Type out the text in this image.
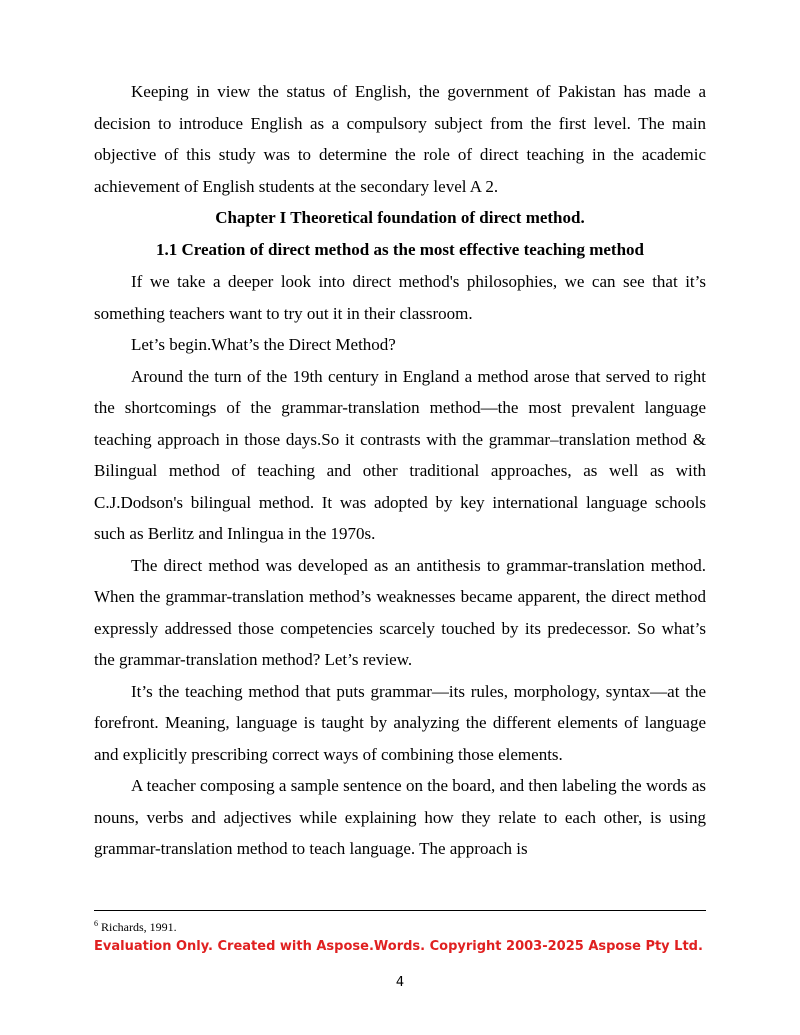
Keeping in view the status of English, the government of Pakistan has made a decision to introduce English as a compulsory subject from the first level. The main objective of this study was to determine the role of direct teaching in the academic achievement of English students at the secondary level A 2.

Chapter I Theoretical foundation of direct method.

1.1 Creation of direct method as the most effective teaching method

If we take a deeper look into direct method's philosophies, we can see that it’s something teachers want to try out it in their classroom.

Let’s begin.What’s the Direct Method?

Around the turn of the 19th century in England a method arose that served to right the shortcomings of the grammar-translation method—the most prevalent language teaching approach in those days.So it contrasts with the grammar–translation method & Bilingual method of teaching and other traditional approaches, as well as with C.J.Dodson's bilingual method. It was adopted by key international language schools such as Berlitz and Inlingua in the 1970s.

The direct method was developed as an antithesis to grammar-translation method. When the grammar-translation method’s weaknesses became apparent, the direct method expressly addressed those competencies scarcely touched by its predecessor. So what’s the grammar-translation method? Let’s review.

It’s the teaching method that puts grammar—its rules, morphology, syntax—at the forefront. Meaning, language is taught by analyzing the different elements of language and explicitly prescribing correct ways of combining those elements.

A teacher composing a sample sentence on the board, and then labeling the words as nouns, verbs and adjectives while explaining how they relate to each other, is using grammar-translation method to teach language. The approach is

$^6$ Richards, 1991.
Evaluation Only. Created with Aspose.Words. Copyright 2003-2025 Aspose Pty Ltd.
4
